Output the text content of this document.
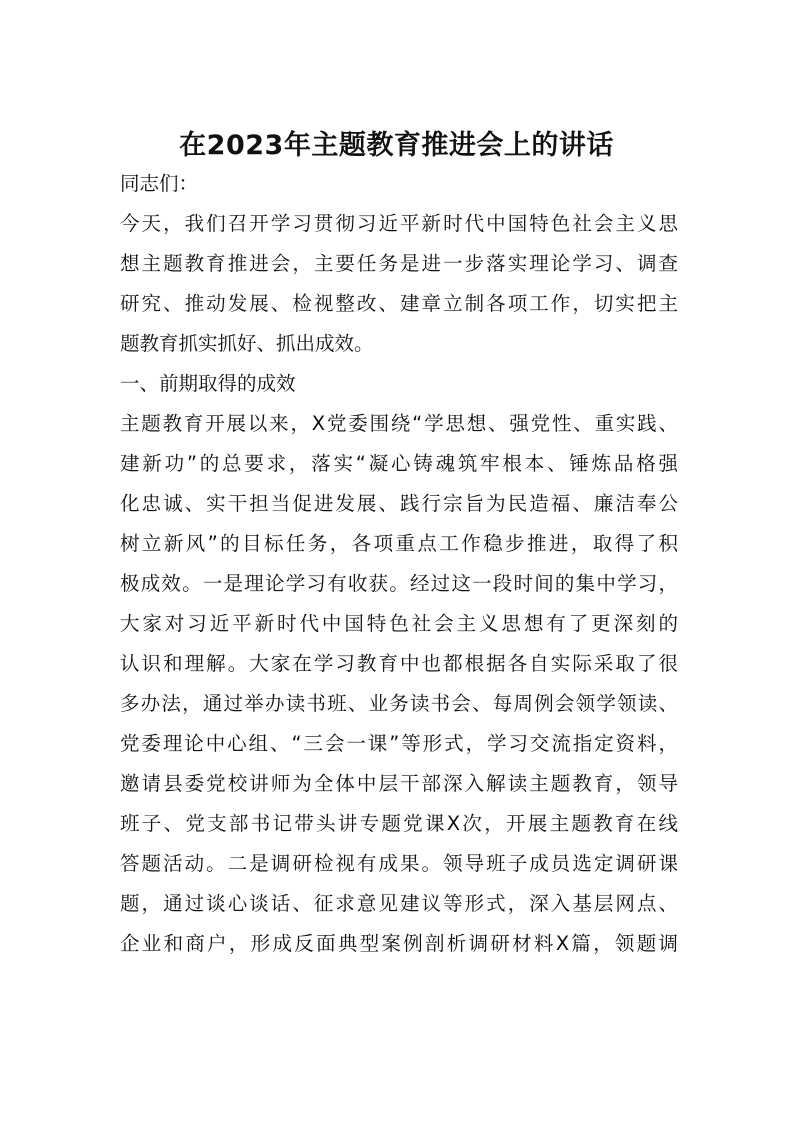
在2023年主题教育推进会上的讲话
同志们：
今天，我们召开学习贯彻习近平新时代中国特色社会主义思
想主题教育推进会，主要任务是进一步落实理论学习、调查
研究、推动发展、检视整改、建章立制各项工作，切实把主
题教育抓实抓好、抓出成效。
一、前期取得的成效
主题教育开展以来，X党委围绕“学思想、强党性、重实践、
建新功”的总要求，落实“凝心铸魂筑牢根本、锤炼品格强
化忠诚、实干担当促进发展、践行宗旨为民造福、廉洁奉公
树立新风”的目标任务，各项重点工作稳步推进，取得了积
极成效。一是理论学习有收获。经过这一段时间的集中学习，
大家对习近平新时代中国特色社会主义思想有了更深刻的
认识和理解。大家在学习教育中也都根据各自实际采取了很
多办法，通过举办读书班、业务读书会、每周例会领学领读、
党委理论中心组、“三会一课”等形式，学习交流指定资料，
邀请县委党校讲师为全体中层干部深入解读主题教育，领导
班子、党支部书记带头讲专题党课X次，开展主题教育在线
答题活动。二是调研检视有成果。领导班子成员选定调研课
题，通过谈心谈话、征求意见建议等形式，深入基层网点、
企业和商户，形成反面典型案例剖析调研材料X篇，领题调
